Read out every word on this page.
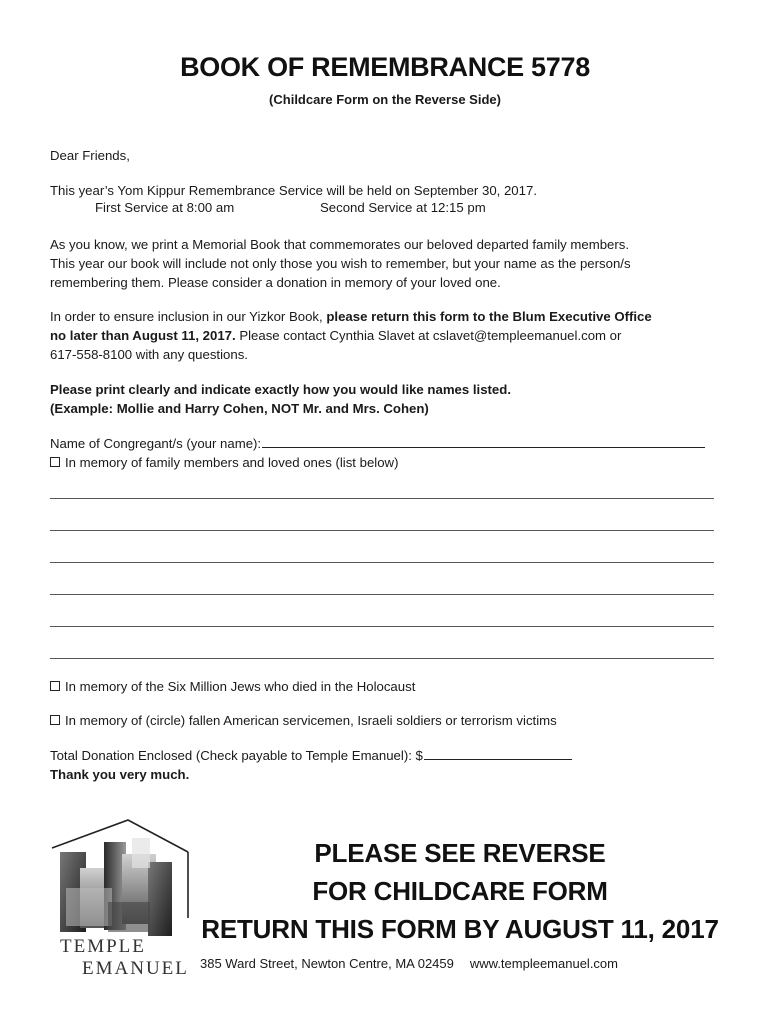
BOOK OF REMEMBRANCE 5778
(Childcare Form on the Reverse Side)
Dear Friends,
This year’s Yom Kippur Remembrance Service will be held on September 30, 2017.
First Service at 8:00 am	Second Service at 12:15 pm
As you know, we print a Memorial Book that commemorates our beloved departed family members.
This year our book will include not only those you wish to remember, but your name as the person/s
remembering them. Please consider a donation in memory of your loved one.
In order to ensure inclusion in our Yizkor Book, please return this form to the Blum Executive Office
no later than August 11, 2017. Please contact Cynthia Slavet at cslavet@templeemanuel.com or
617-558-8100 with any questions.
Please print clearly and indicate exactly how you would like names listed.
(Example: Mollie and Harry Cohen, NOT Mr. and Mrs. Cohen)
Name of Congregant/s (your name):
In memory of family members and loved ones (list below)
In memory of the Six Million Jews who died in the Holocaust
In memory of (circle) fallen American servicemen, Israeli soldiers or terrorism victims
Total Donation Enclosed (Check payable to Temple Emanuel): $
Thank you very much.
TEMPLE
EMANUEL
PLEASE SEE REVERSE
FOR CHILDCARE FORM
RETURN THIS FORM BY AUGUST 11, 2017
385 Ward Street, Newton Centre, MA 02459 www.templeemanuel.com
